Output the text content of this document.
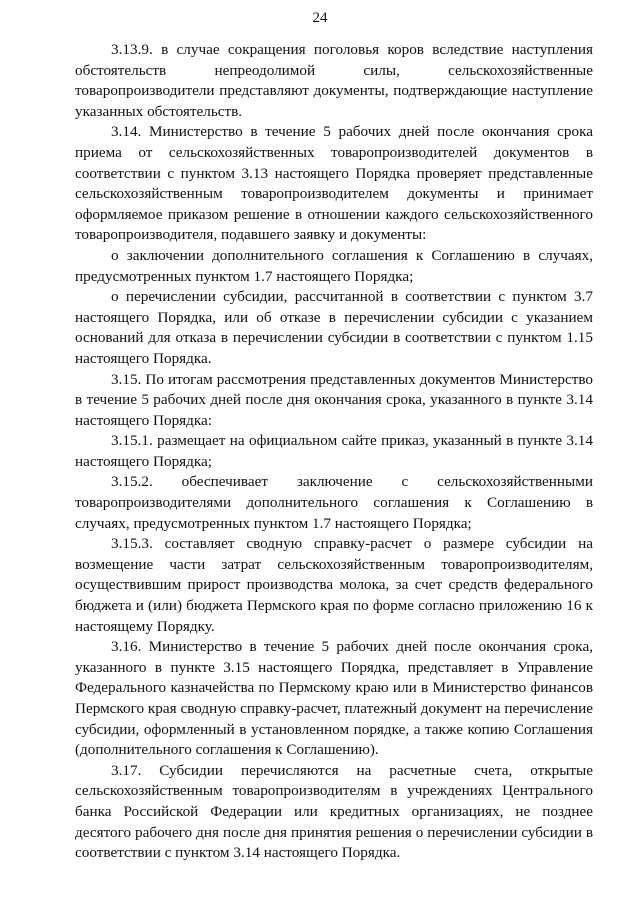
24

3.13.9. в случае сокращения поголовья коров вследствие наступления обстоятельств непреодолимой силы, сельскохозяйственные товаропроизводители представляют документы, подтверждающие наступление указанных обстоятельств.

3.14. Министерство в течение 5 рабочих дней после окончания срока приема от сельскохозяйственных товаропроизводителей документов в соответствии с пунктом 3.13 настоящего Порядка проверяет представленные сельскохозяйственным товаропроизводителем документы и принимает оформляемое приказом решение в отношении каждого сельскохозяйственного товаропроизводителя, подавшего заявку и документы:

о заключении дополнительного соглашения к Соглашению в случаях, предусмотренных пунктом 1.7 настоящего Порядка;

о перечислении субсидии, рассчитанной в соответствии с пунктом 3.7 настоящего Порядка, или об отказе в перечислении субсидии с указанием оснований для отказа в перечислении субсидии в соответствии с пунктом 1.15 настоящего Порядка.

3.15. По итогам рассмотрения представленных документов Министерство в течение 5 рабочих дней после дня окончания срока, указанного в пункте 3.14 настоящего Порядка:

3.15.1. размещает на официальном сайте приказ, указанный в пункте 3.14 настоящего Порядка;

3.15.2. обеспечивает заключение с сельскохозяйственными товаропроизводителями дополнительного соглашения к Соглашению в случаях, предусмотренных пунктом 1.7 настоящего Порядка;

3.15.3. составляет сводную справку-расчет о размере субсидии на возмещение части затрат сельскохозяйственным товаропроизводителям, осуществившим прирост производства молока, за счет средств федерального бюджета и (или) бюджета Пермского края по форме согласно приложению 16 к настоящему Порядку.

3.16. Министерство в течение 5 рабочих дней после окончания срока, указанного в пункте 3.15 настоящего Порядка, представляет в Управление Федерального казначейства по Пермскому краю или в Министерство финансов Пермского края сводную справку-расчет, платежный документ на перечисление субсидии, оформленный в установленном порядке, а также копию Соглашения (дополнительного соглашения к Соглашению).

3.17. Субсидии перечисляются на расчетные счета, открытые сельскохозяйственным товаропроизводителям в учреждениях Центрального банка Российской Федерации или кредитных организациях, не позднее десятого рабочего дня после дня принятия решения о перечислении субсидии в соответствии с пунктом 3.14 настоящего Порядка.
